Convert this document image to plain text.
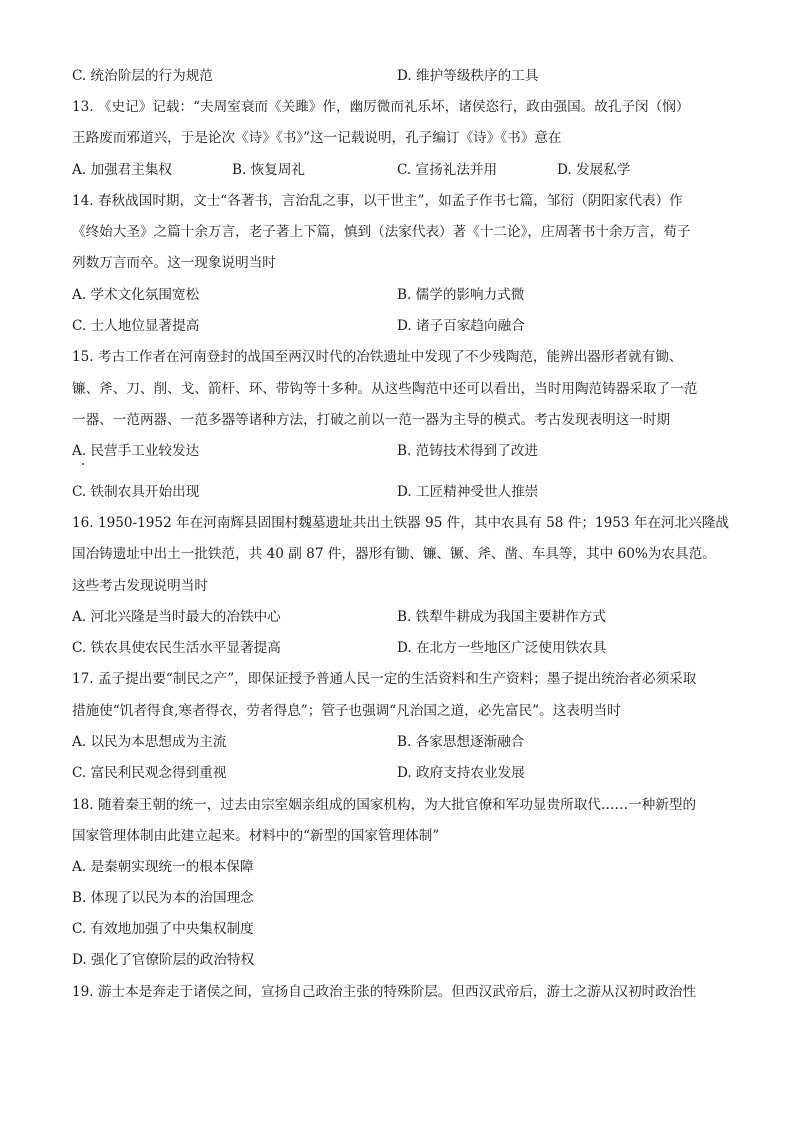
C. 统治阶层的行为规范	D. 维护等级秩序的工具
13. 《史记》记载：“夫周室衰而《关雎》作，幽厉微而礼乐坏，诸侯恣行，政由强国。故孔子闵（悯）
王路废而邪道兴，于是论次《诗》《书》”这一记载说明，孔子编订《诗》《书》意在
A. 加强君主集权	B. 恢复周礼	C. 宣扬礼法并用	D. 发展私学
14. 春秋战国时期，文士“各著书，言治乱之事，以干世主”，如孟子作书七篇，邹衍（阴阳家代表）作
《终始大圣》之篇十余万言，老子著上下篇，慎到（法家代表）著《十二论》，庄周著书十余万言，荀子
列数万言而卒。这一现象说明当时
A. 学术文化氛围宽松	B. 儒学的影响力式微
C. 士人地位显著提高	D. 诸子百家趋向融合
15. 考古工作者在河南登封的战国至两汉时代的冶铁遗址中发现了不少残陶范，能辨出器形者就有锄、
镰、斧、刀、削、戈、箭杆、环、带钩等十多种。从这些陶范中还可以看出，当时用陶范铸器采取了一范
一器、一范两器、一范多器等诸种方法，打破之前以一范一器为主导的模式。考古发现表明这一时期
A. 民营手工业较发达	B. 范铸技术得到了改进
C. 铁制农具开始出现	D. 工匠精神受世人推崇
16. 1950-1952 年在河南辉县固围村魏墓遗址共出土铁器 95 件，其中农具有 58 件；1953 年在河北兴隆战
国冶铸遗址中出土一批铁范，共 40 副 87 件，器形有锄、镰、镢、斧、凿、车具等，其中 60%为农具范。
这些考古发现说明当时
A. 河北兴隆是当时最大的冶铁中心	B. 铁犁牛耕成为我国主要耕作方式
C. 铁农具使农民生活水平显著提高	D. 在北方一些地区广泛使用铁农具
17. 孟子提出要“制民之产”，即保证授予普通人民一定的生活资料和生产资料；墨子提出统治者必须采取
措施使“饥者得食,寒者得衣，劳者得息”；管子也强调“凡治国之道，必先富民”。这表明当时
A. 以民为本思想成为主流	B. 各家思想逐渐融合
C. 富民利民观念得到重视	D. 政府支持农业发展
18. 随着秦王朝的统一，过去由宗室姻亲组成的国家机构，为大批官僚和军功显贵所取代……一种新型的
国家管理体制由此建立起来。材料中的“新型的国家管理体制”
A. 是秦朝实现统一的根本保障
B. 体现了以民为本的治国理念
C. 有效地加强了中央集权制度
D. 强化了官僚阶层的政治特权
19. 游士本是奔走于诸侯之间，宣扬自己政治主张的特殊阶层。但西汉武帝后，游士之游从汉初时政治性
